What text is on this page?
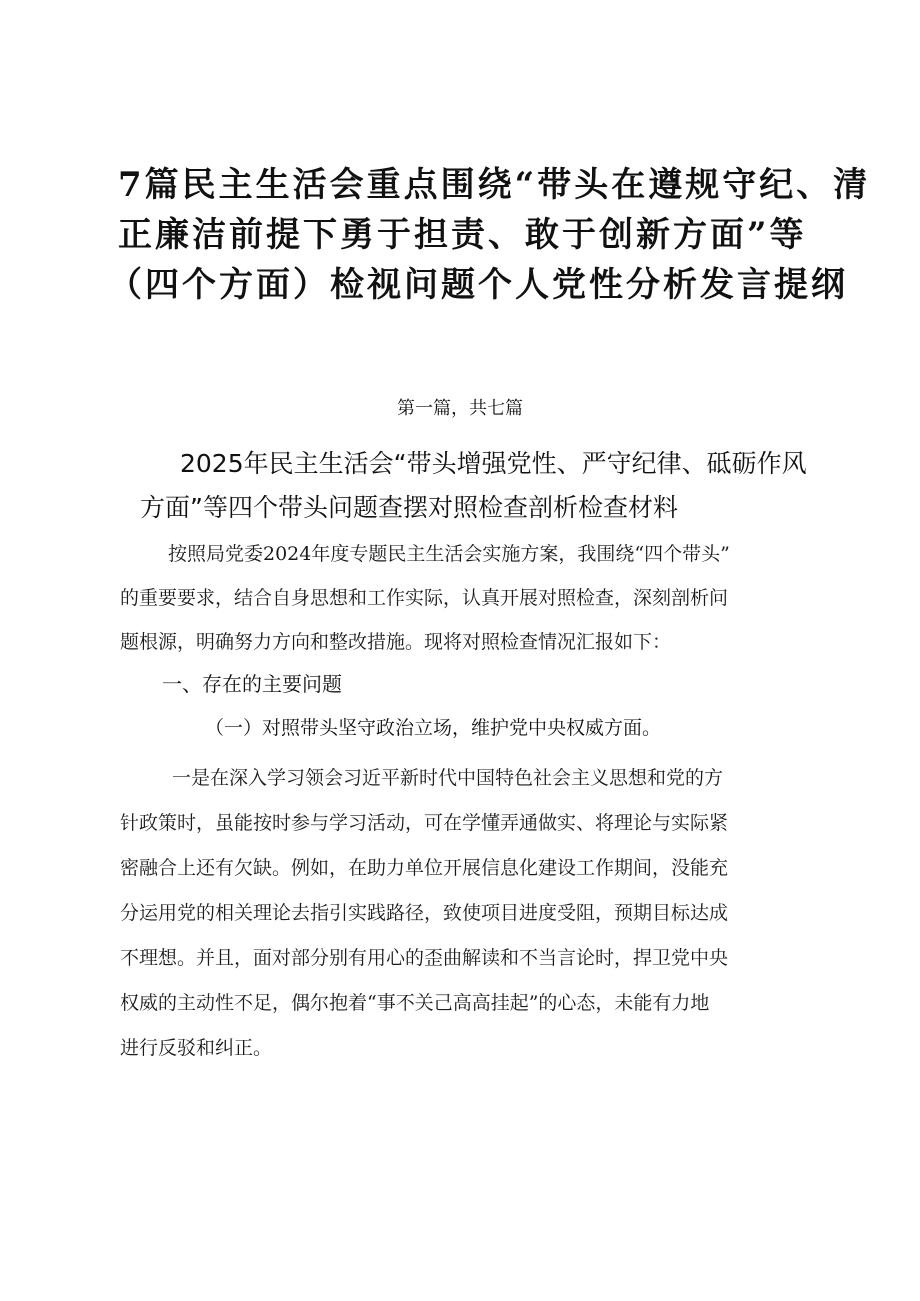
7篇民主生活会重点围绕“带头在遵规守纪、清
正廉洁前提下勇于担责、敢于创新方面”等
（四个方面）检视问题个人党性分析发言提纲
第一篇，共七篇
2025年民主生活会“带头增强党性、严守纪律、砥砺作风
方面”等四个带头问题查摆对照检查剖析检查材料
按照局党委2024年度专题民主生活会实施方案，我围绕“四个带头”
的重要要求，结合自身思想和工作实际，认真开展对照检查，深刻剖析问
题根源，明确努力方向和整改措施。现将对照检查情况汇报如下：
一、存在的主要问题
（一）对照带头坚守政治立场，维护党中央权威方面。
一是在深入学习领会习近平新时代中国特色社会主义思想和党的方
针政策时，虽能按时参与学习活动，可在学懂弄通做实、将理论与实际紧
密融合上还有欠缺。例如，在助力单位开展信息化建设工作期间，没能充
分运用党的相关理论去指引实践路径，致使项目进度受阻，预期目标达成
不理想。并且，面对部分别有用心的歪曲解读和不当言论时，捍卫党中央
权威的主动性不足，偶尔抱着“事不关己高高挂起”的心态，未能有力地
进行反驳和纠正。
